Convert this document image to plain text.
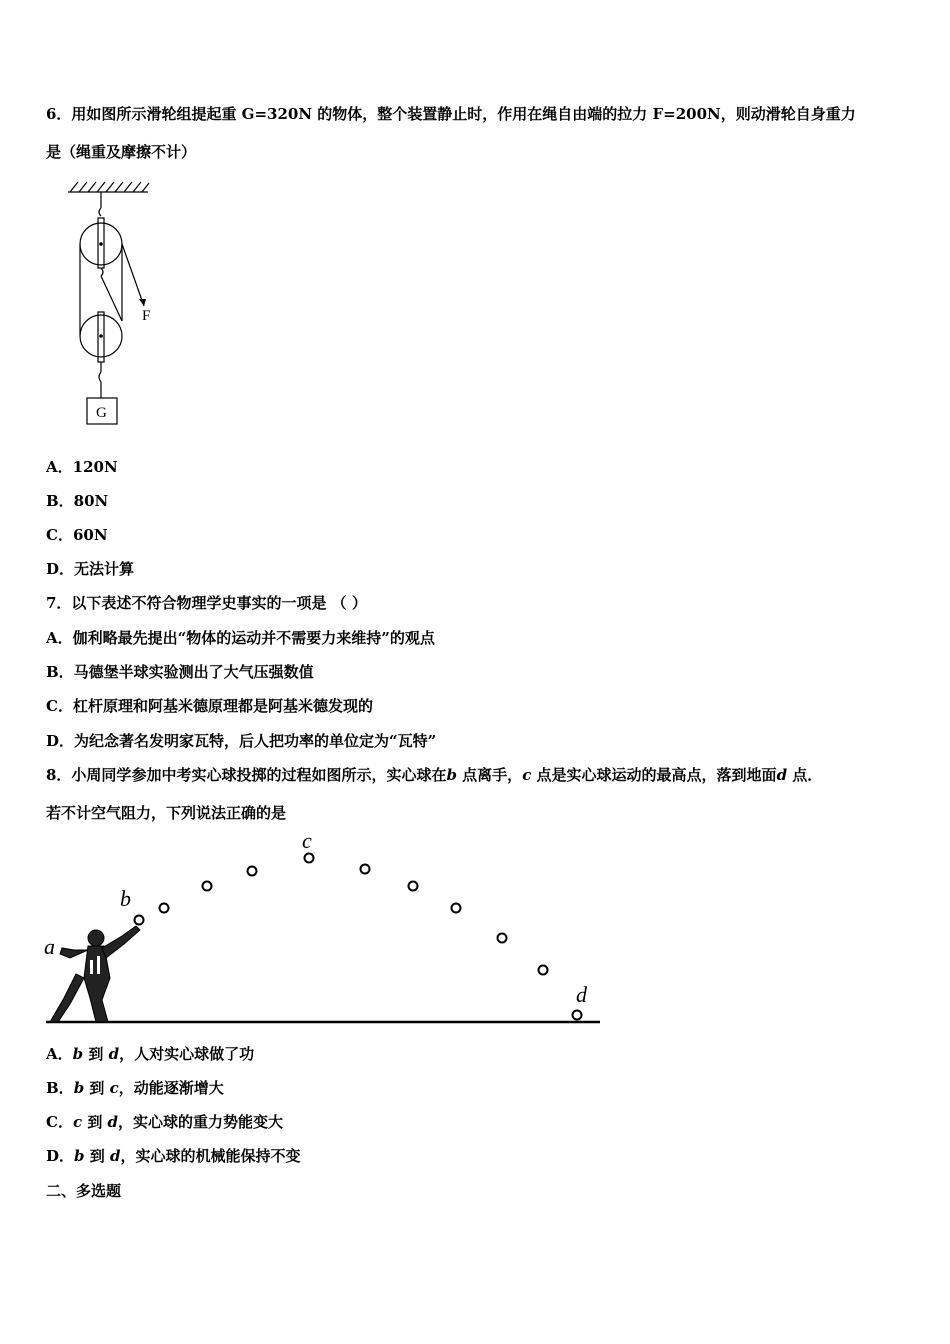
6．用如图所示滑轮组提起重 G=320N 的物体，整个装置静止时，作用在绳自由端的拉力 F=200N，则动滑轮自身重力
是（绳重及摩擦不计）
F
G
A．120N
B．80N
C．60N
D．无法计算
7．以下表述不符合物理学史事实的一项是 （ ）
A．伽利略最先提出“物体的运动并不需要力来维持”的观点
B．马德堡半球实验测出了大气压强数值
C．杠杆原理和阿基米德原理都是阿基米德发现的
D．为纪念著名发明家瓦特，后人把功率的单位定为“瓦特”
8．小周同学参加中考实心球投掷的过程如图所示，实心球在b 点离手，c 点是实心球运动的最高点，落到地面d 点．
若不计空气阻力，下列说法正确的是
a
b
c
d
A．b 到 d，人对实心球做了功
B．b 到 c，动能逐渐增大
C．c 到 d，实心球的重力势能变大
D．b 到 d，实心球的机械能保持不变
二、多选题
